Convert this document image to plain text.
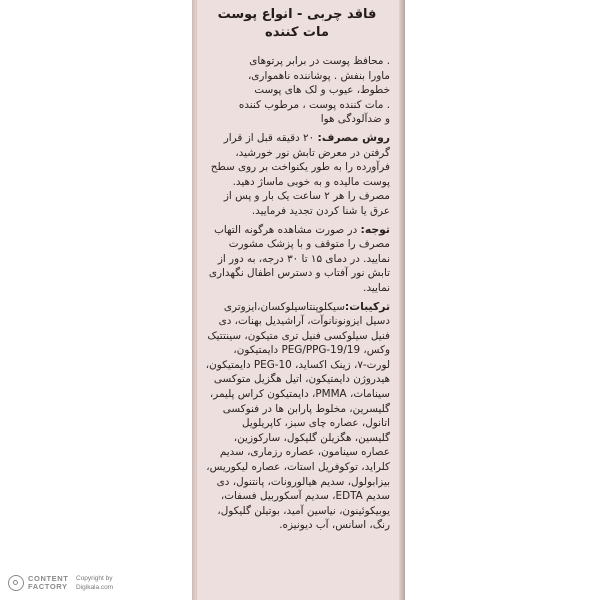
فاقد چربی - انواع پوست
مات کننده
. محافظ پوست در برابر پرتوهای
ماورا بنفش . پوشاننده ناهمواری،
خطوط، عیوب و لک های پوست
. مات کننده پوست ، مرطوب کننده
و ضدآلودگی هوا
روش مصرف: ۲۰ دقیقه قبل از قرار گرفتن در معرض تابش نور خورشید، فرآورده را به طور یکنواخت بر روی سطح پوست مالیده و به خوبی ماساژ دهید. مصرف را هر ۲ ساعت یک بار و پس از عرق یا شنا کردن تجدید فرمایید.
توجه: در صورت مشاهده هرگونه التهاب مصرف را متوقف و با پزشک مشورت نمایید. در دمای ۱۵ تا ۳۰ درجه، به دور از تابش نور آفتاب و دسترس اطفال نگهداری نمایید.
ترکیبات:سیکلوپنتاسیلوکسان،ایزوتری دسیل ایزونونانوآت، آراشیدیل بهنات، دی فنیل سیلوکسی فنیل تری متیکون، سینتتیک وکس، PEG/PPG-19/19 دایمتیکون، لورت-۷، زینک اکساید، PEG-10 دایمتیکون، هیدروژن دایمتیکون، اتیل هگزیل متوکسی سینامات، PMMA، دایمتیکون کراس پلیمر، گلیسرین، مخلوط پارابن ها در فنوکسی اتانول، عصاره چای سبز، کاپریلویل گلیسین، هگزیلن گلیکول، سارکوزین، عصاره سینامون، عصاره رزماری، سدیم کلراید، توکوفریل استات، عصاره لیکوریس، بیزابولول، سدیم هیالورونات، پانتنول، دی سدیم EDTA، سدیم آسکوربیل فسفات، یوبیکوئینون، نیاسین آمید، بوتیلن گلیکول، رنگ، اسانس، آب دیونیزه.
CONTENT
FACTORY
Copyright by
Digikala.com
